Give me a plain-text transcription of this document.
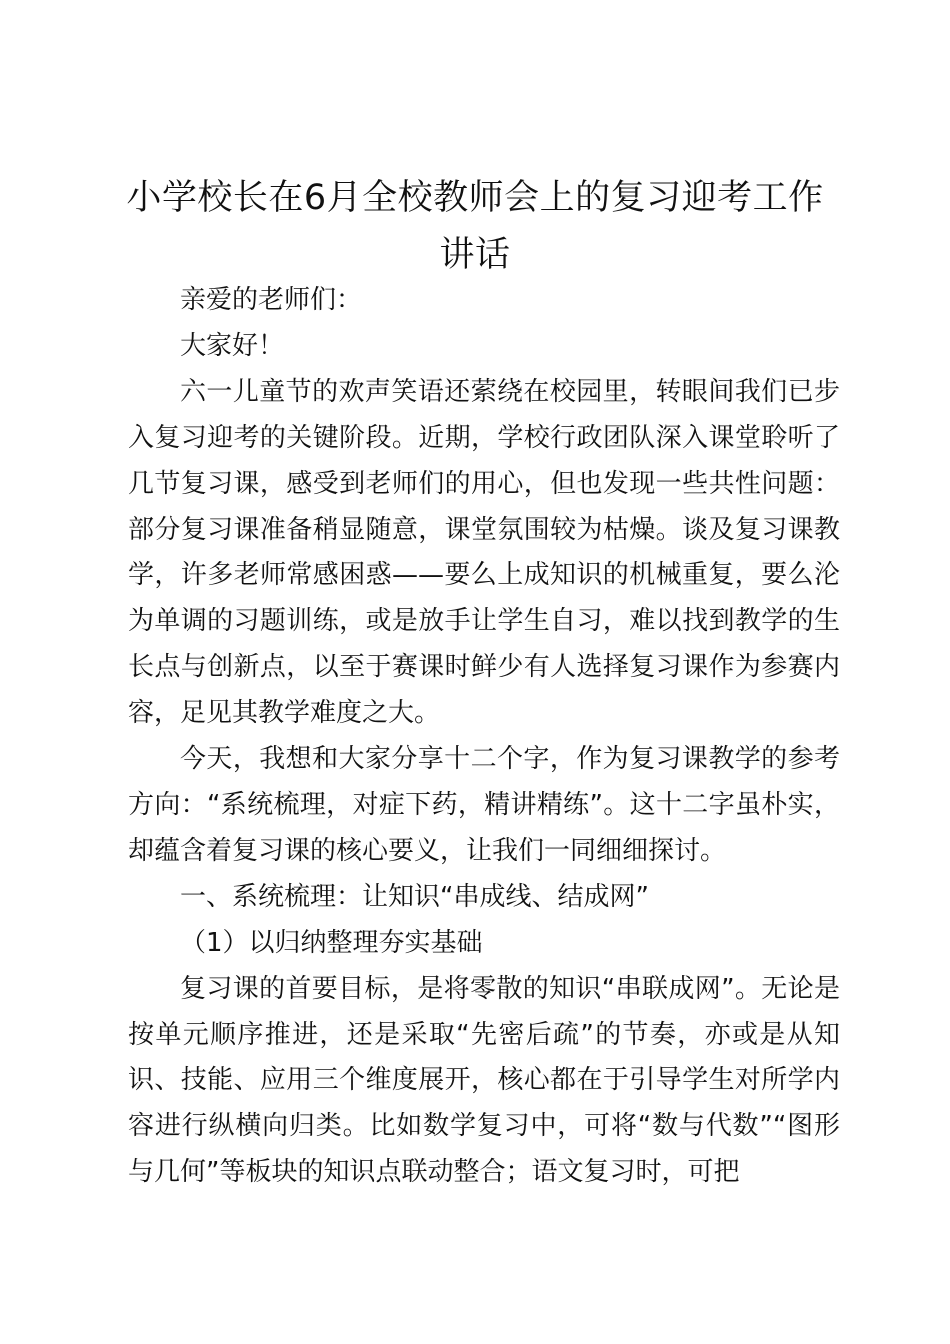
小学校长在6月全校教师会上的复习迎考工作讲话

亲爱的老师们：

大家好！

六一儿童节的欢声笑语还萦绕在校园里，转眼间我们已步入复习迎考的关键阶段。近期，学校行政团队深入课堂聆听了几节复习课，感受到老师们的用心，但也发现一些共性问题：部分复习课准备稍显随意，课堂氛围较为枯燥。谈及复习课教学，许多老师常感困惑——要么上成知识的机械重复，要么沦为单调的习题训练，或是放手让学生自习，难以找到教学的生长点与创新点，以至于赛课时鲜少有人选择复习课作为参赛内容，足见其教学难度之大。

今天，我想和大家分享十二个字，作为复习课教学的参考方向：“系统梳理，对症下药，精讲精练”。这十二字虽朴实，却蕴含着复习课的核心要义，让我们一同细细探讨。

一、系统梳理：让知识“串成线、结成网”

（1）以归纳整理夯实基础

复习课的首要目标，是将零散的知识“串联成网”。无论是按单元顺序推进，还是采取“先密后疏”的节奏，亦或是从知识、技能、应用三个维度展开，核心都在于引导学生对所学内容进行纵横向归类。比如数学复习中，可将“数与代数”“图形与几何”等板块的知识点联动整合；语文复习时，可把
